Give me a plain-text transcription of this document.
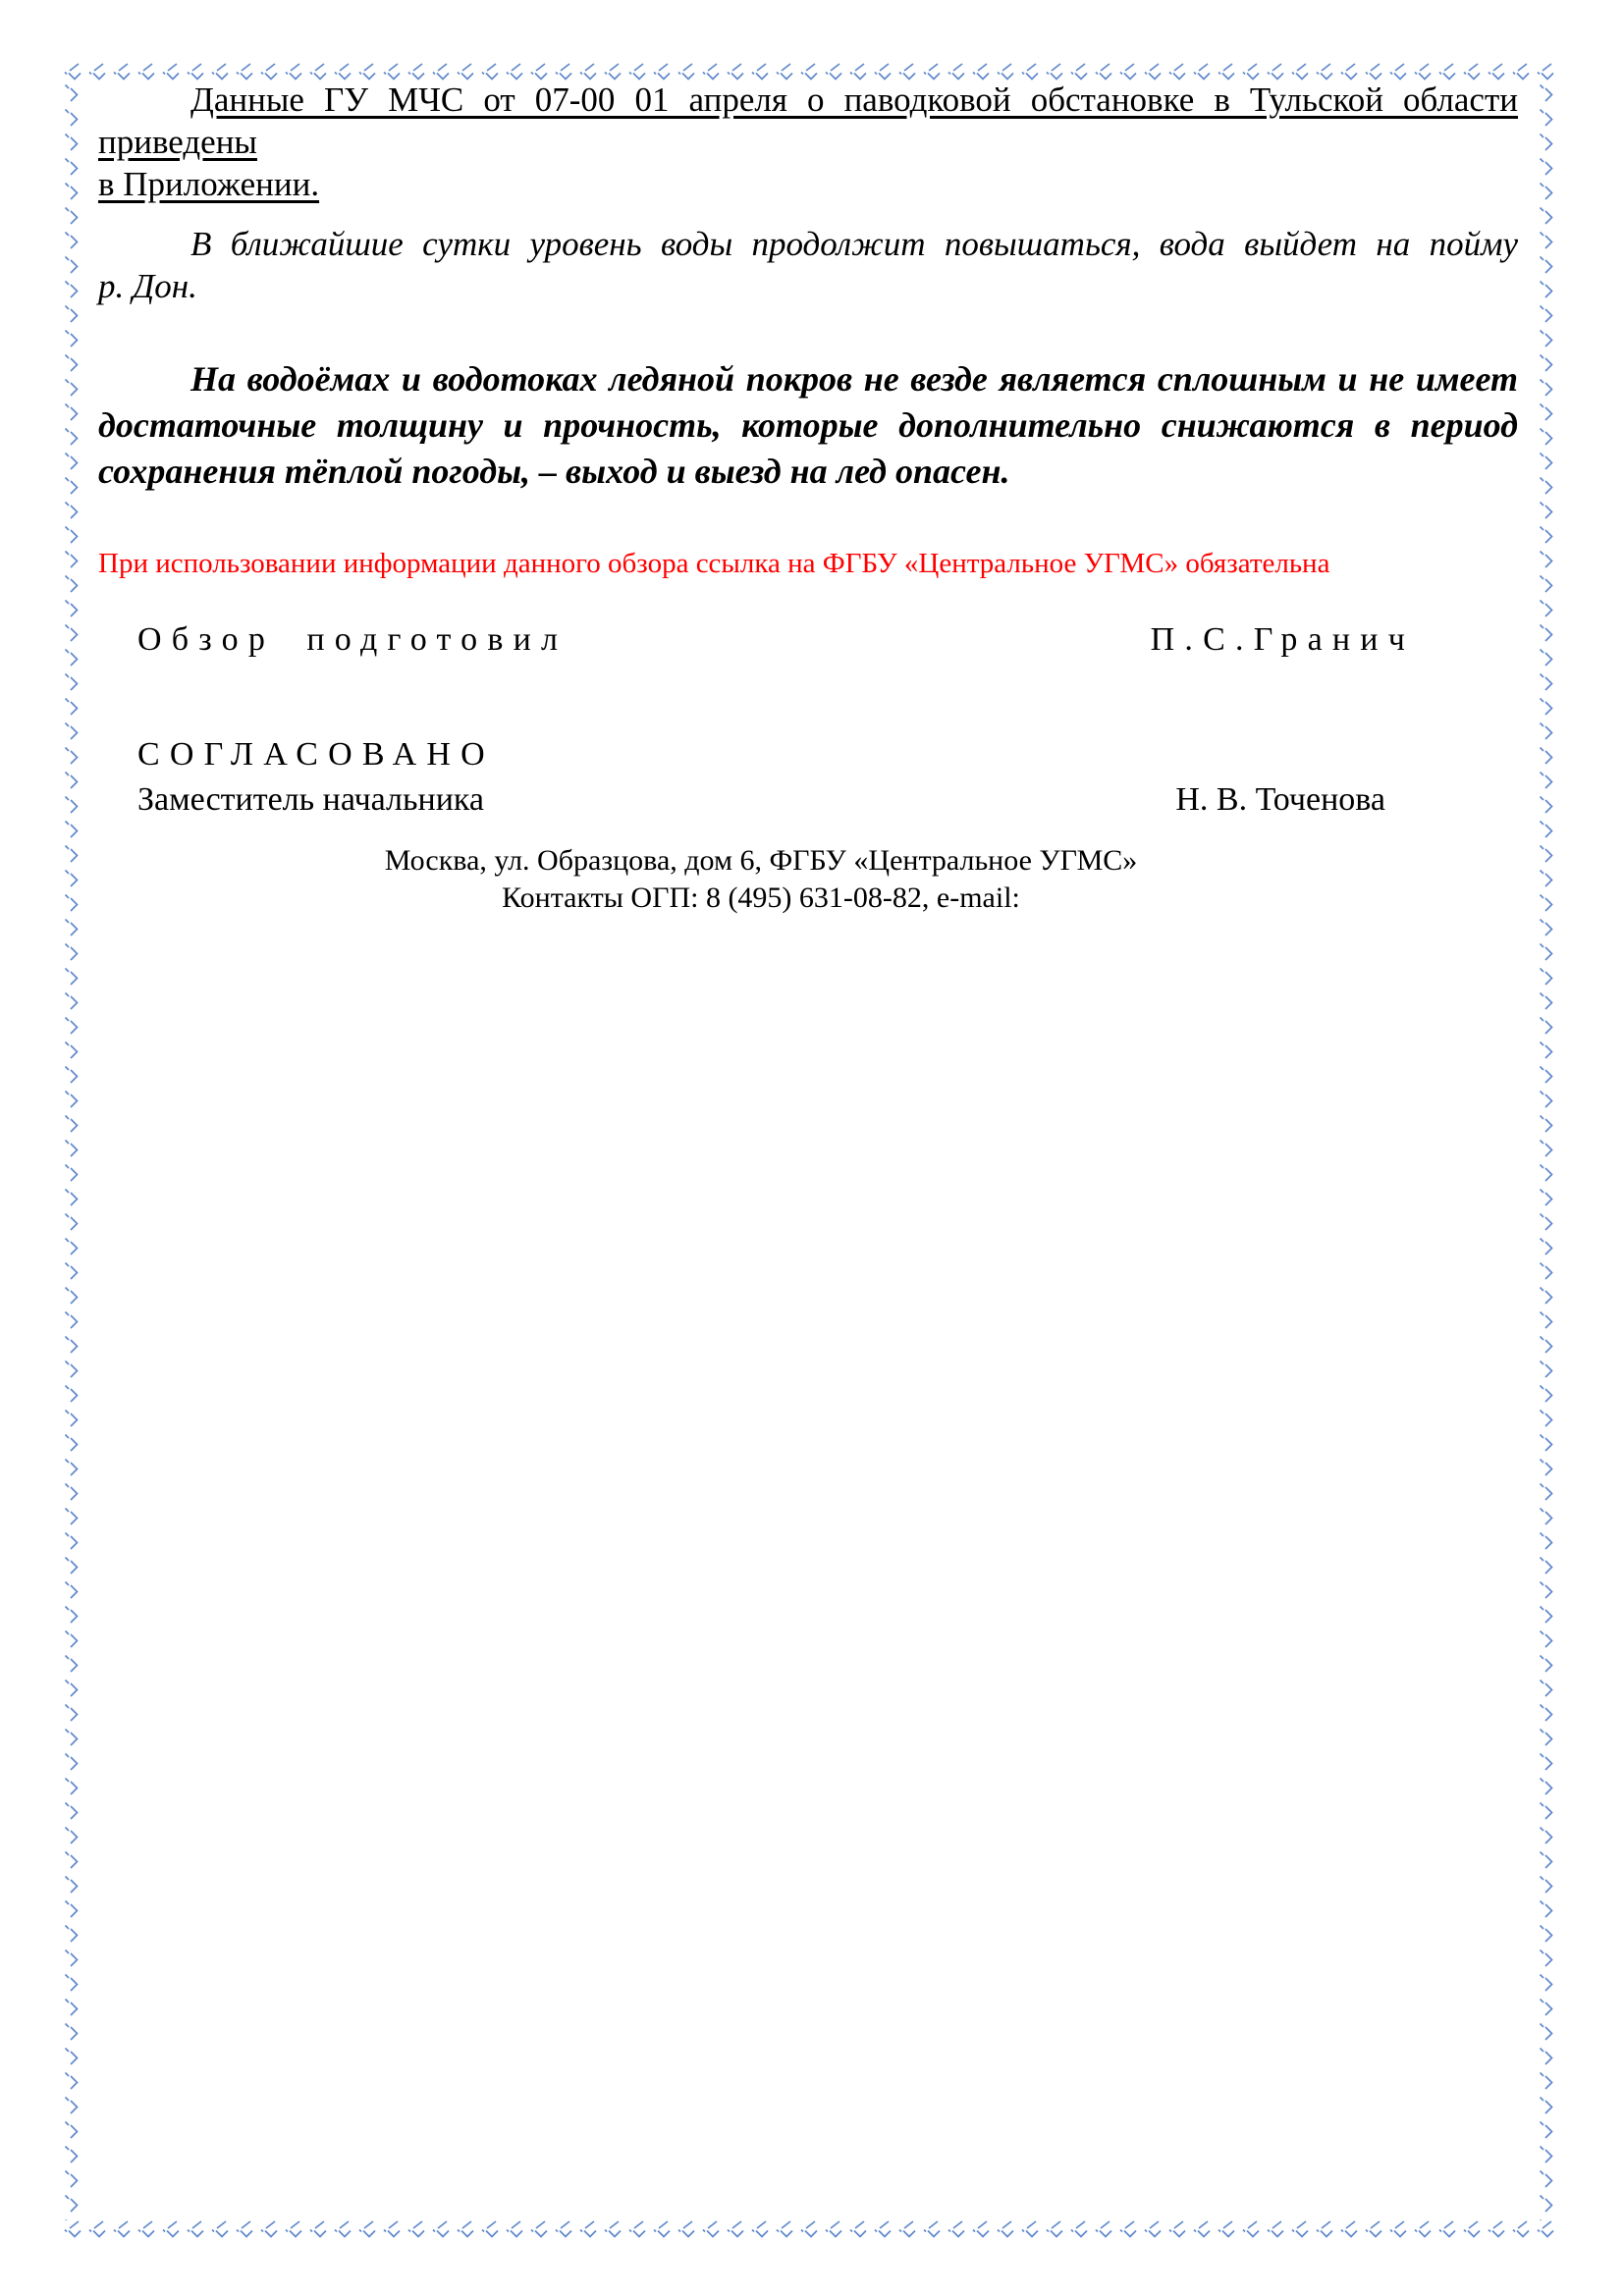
Данные ГУ МЧС от 07-00 01 апреля о паводковой обстановке в Тульской области приведены
в Приложении.

В ближайшие сутки уровень воды продолжит повышаться, вода выйдет на пойму
р. Дон.

На водоёмах и водотоках ледяной покров не везде является сплошным и не имеет
достаточные толщину и прочность, которые дополнительно снижаются в период
сохранения тёплой погоды, – выход и выезд на лед опасен.

При использовании информации данного обзора ссылка на ФГБУ «Центральное УГМС» обязательна

Обзор подготовил	П.С.Гранич

СОГЛАСОВАНО

Заместитель начальника	Н. В. Точенова

Москва, ул. Образцова, дом 6, ФГБУ «Центральное УГМС»

Контакты ОГП: 8 (495) 631-08-82, e-mail:
